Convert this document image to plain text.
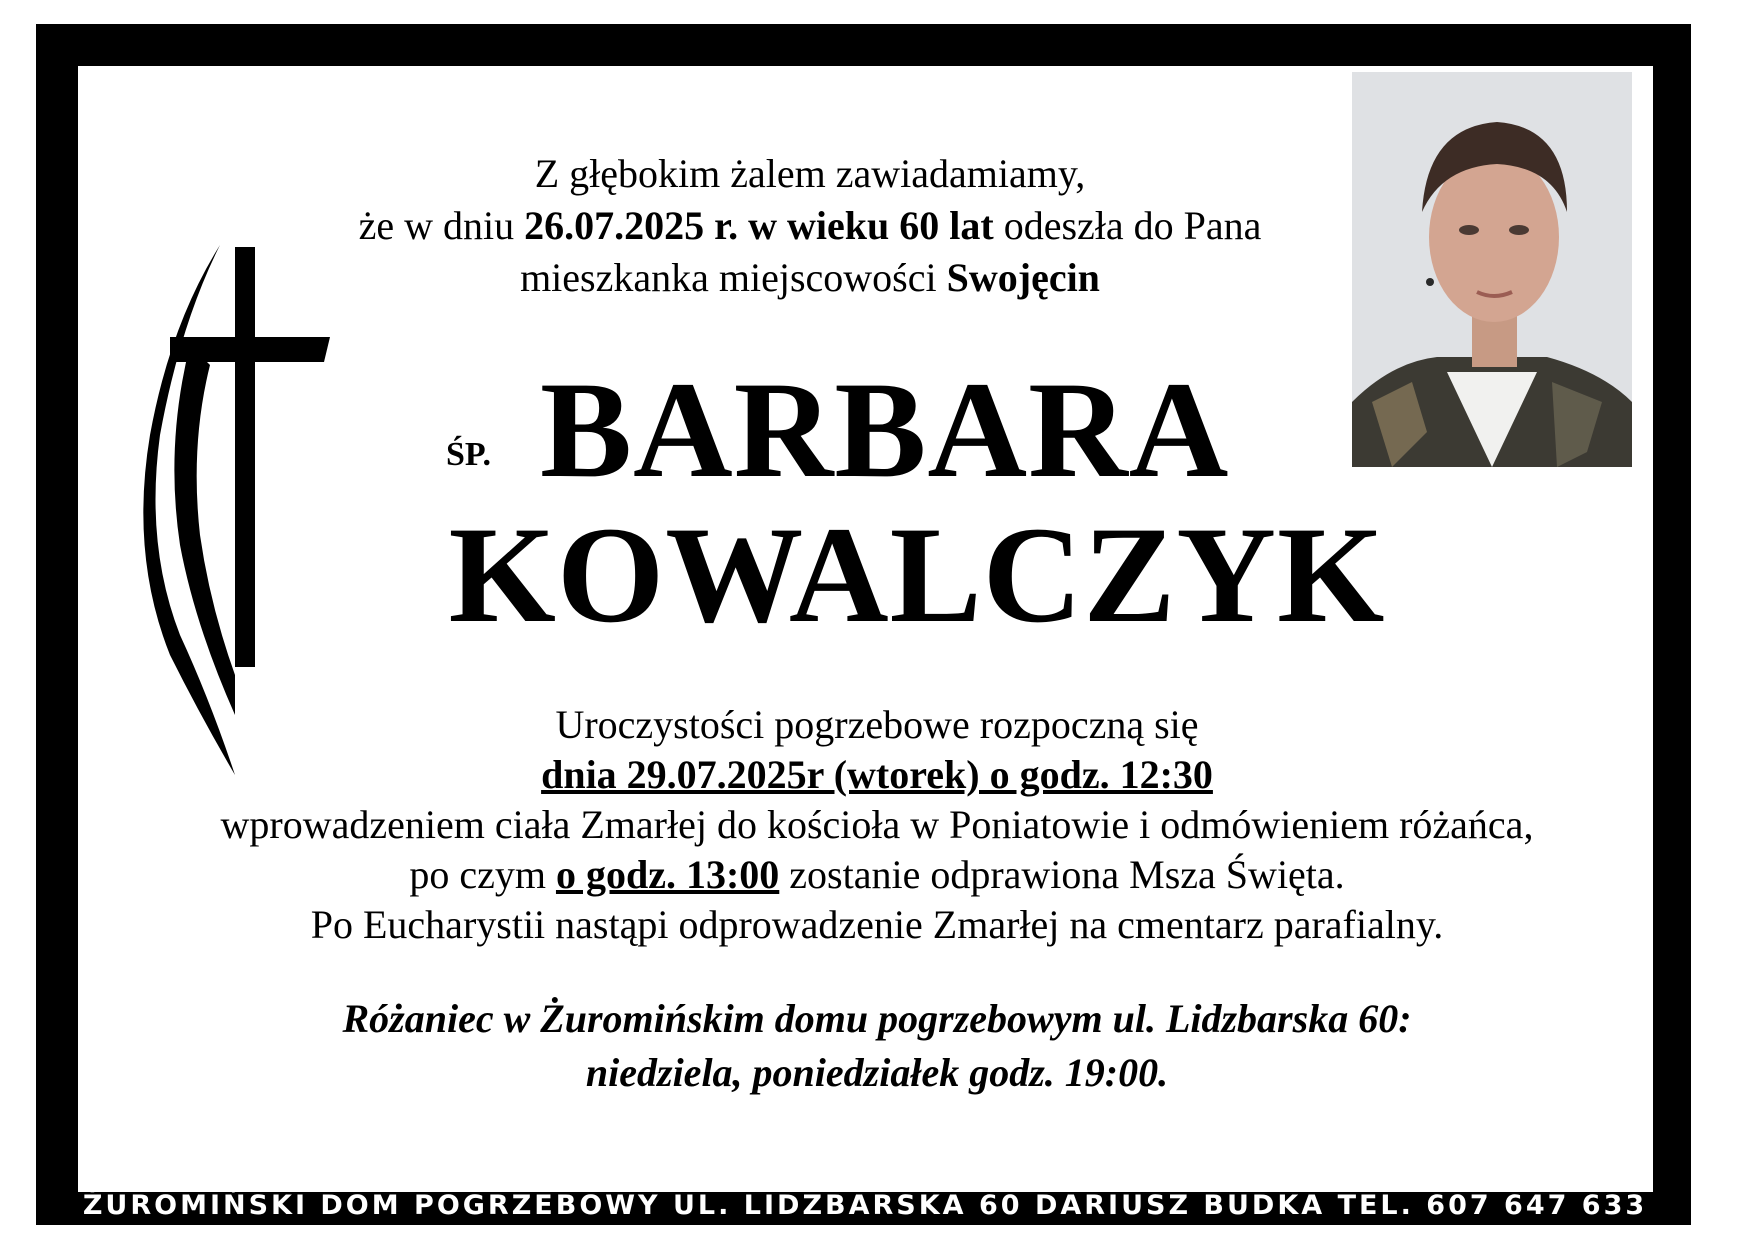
Z głębokim żalem zawiadamiamy,
że w dniu 26.07.2025 r. w wieku 60 lat odeszła do Pana
mieszkanka miejscowości Swojęcin
ŚP. BARBARA
KOWALCZYK
Uroczystości pogrzebowe rozpoczną się
dnia 29.07.2025r (wtorek) o godz. 12:30
wprowadzeniem ciała Zmarłej do kościoła w Poniatowie i odmówieniem różańca,
po czym o godz. 13:00 zostanie odprawiona Msza Święta.
Po Eucharystii nastąpi odprowadzenie Zmarłej na cmentarz parafialny.
Różaniec w Żuromińskim domu pogrzebowym ul. Lidzbarska 60:
niedziela, poniedziałek godz. 19:00.
ŻUROMIŃSKI DOM POGRZEBOWY UL. LIDZBARSKA 60 DARIUSZ BUDKA TEL. 607 647 633
